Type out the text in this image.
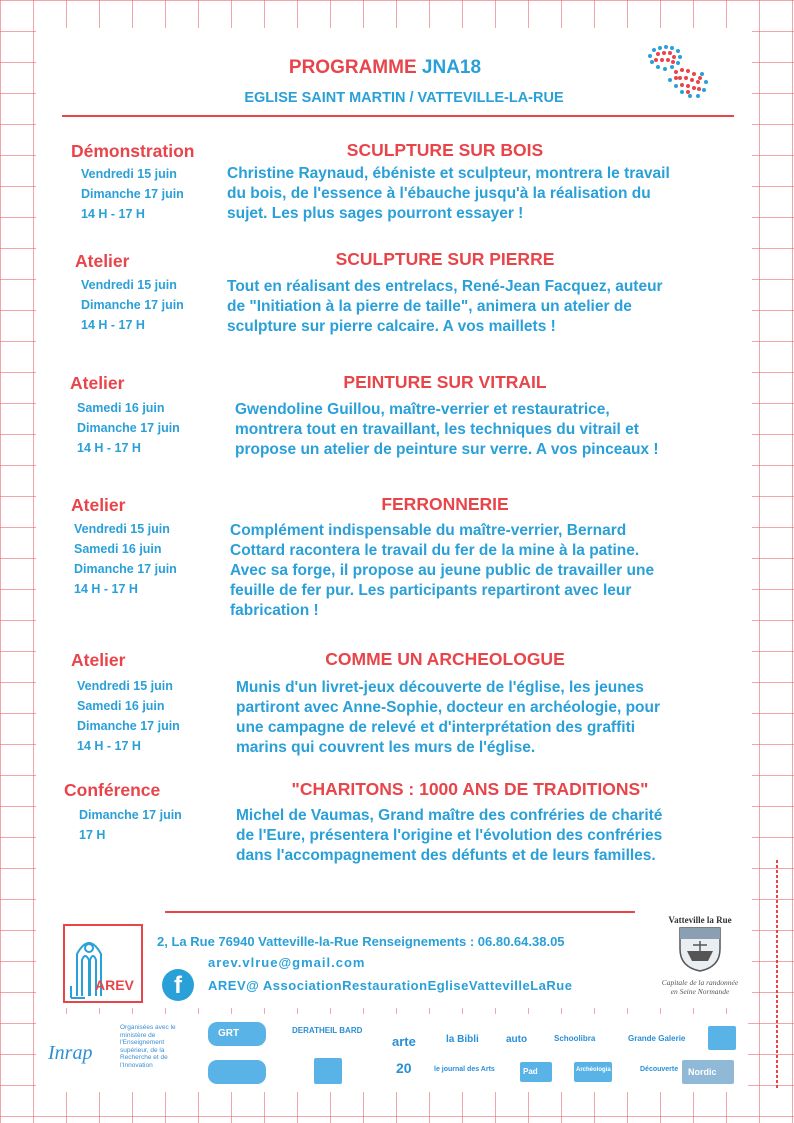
PROGRAMME JNA18
EGLISE SAINT MARTIN / VATTEVILLE-LA-RUE
Démonstration	SCULPTURE SUR BOIS
Vendredi 15 juin
Dimanche 17 juin
14 H - 17 H
Christine Raynaud, ébéniste et sculpteur, montrera le travail
du bois, de l'essence à l'ébauche jusqu'à la réalisation du
sujet. Les plus sages pourront essayer !
Atelier	SCULPTURE SUR PIERRE
Vendredi 15 juin
Dimanche 17 juin
14 H - 17 H
Tout en réalisant des entrelacs, René-Jean Facquez, auteur
de "Initiation à la pierre de taille", animera un atelier de
sculpture sur pierre calcaire. A vos maillets !
Atelier	PEINTURE SUR VITRAIL
Samedi 16 juin
Dimanche 17 juin
14 H - 17 H
Gwendoline Guillou, maître-verrier et restauratrice,
montrera tout en travaillant, les techniques du vitrail et
propose un atelier de peinture sur verre. A vos pinceaux !
Atelier	FERRONNERIE
Vendredi 15 juin
Samedi 16 juin
Dimanche 17 juin
14 H - 17 H
Complément indispensable du maître-verrier, Bernard
Cottard racontera le travail du fer de la mine à la patine.
Avec sa forge, il propose au jeune public de travailler une
feuille de fer pur. Les participants repartiront avec leur
fabrication !
Atelier	COMME UN ARCHEOLOGUE
Vendredi 15 juin
Samedi 16 juin
Dimanche 17 juin
14 H - 17 H
Munis d'un livret-jeux découverte de l'église, les jeunes
partiront avec Anne-Sophie, docteur en archéologie, pour
une campagne de relevé et d'interprétation des graffiti
marins qui couvrent les murs de l'église.
Conférence	"CHARITONS : 1000 ANS DE TRADITIONS"
Dimanche 17 juin
17 H
Michel de Vaumas, Grand maître des confréries de charité
de l'Eure, présentera l'origine et l'évolution des confréries
dans l'accompagnement des défunts et de leurs familles.
AREV
2, La Rue 76940 Vatteville-la-Rue Renseignements : 06.80.64.38.05
arev.vlrue@gmail.com
f	AREV@ AssociationRestaurationEgliseVattevilleLaRue
Vatteville la Rue
Capitale de la randonnée
en Seine Normande
Inrap
Organisées avec le ministère de l'Enseignement supérieur, de la Recherche et de l'Innovation
GRT	DERATHEIL BARD
arte	la Bibli	auto	Schoolibra	Grande Galerie
20	le journal des Arts	Pad	Archéologia	Découverte Nordic
